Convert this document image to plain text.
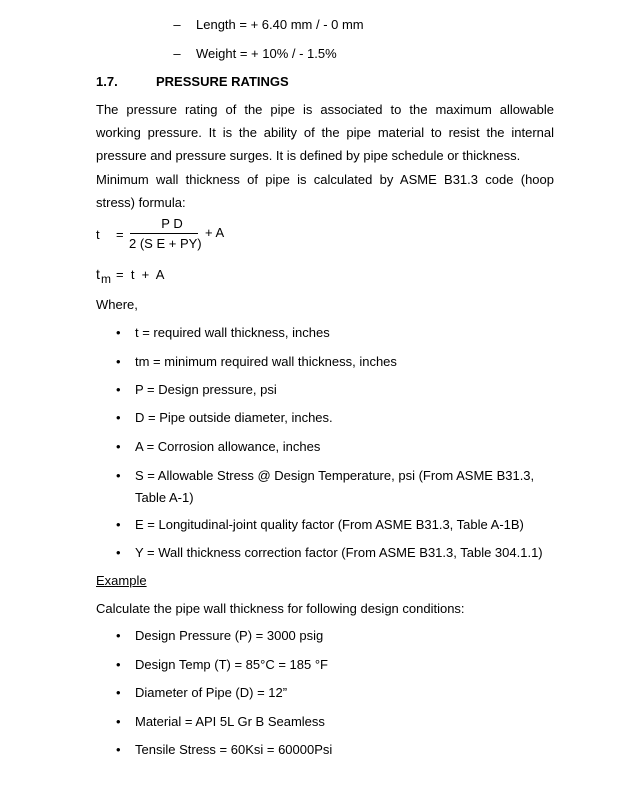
– Length = + 6.40 mm / - 0 mm
– Weight = + 10% / - 1.5%
1.7.	PRESSURE RATINGS
The pressure rating of the pipe is associated to the maximum allowable working pressure. It is the ability of the pipe material to resist the internal pressure and pressure surges. It is defined by pipe schedule or thickness.
Minimum wall thickness of pipe is calculated by ASME B31.3 code (hoop stress) formula:
t =
P D
2 (S E + PY)
+ A
t m =  t  +  A
Where,
• t = required wall thickness, inches
• tm = minimum required wall thickness, inches
• P = Design pressure, psi
• D = Pipe outside diameter, inches.
• A = Corrosion allowance, inches
• S = Allowable Stress @ Design Temperature, psi (From ASME B31.3, Table A-1)
• E = Longitudinal-joint quality factor (From ASME B31.3, Table A-1B)
• Y = Wall thickness correction factor (From ASME B31.3, Table 304.1.1)
Example
Calculate the pipe wall thickness for following design conditions:
• Design Pressure (P) = 3000 psig
• Design Temp (T) = 85°C = 185 °F
• Diameter of Pipe (D) = 12”
• Material = API 5L Gr B Seamless
• Tensile Stress = 60Ksi = 60000Psi
